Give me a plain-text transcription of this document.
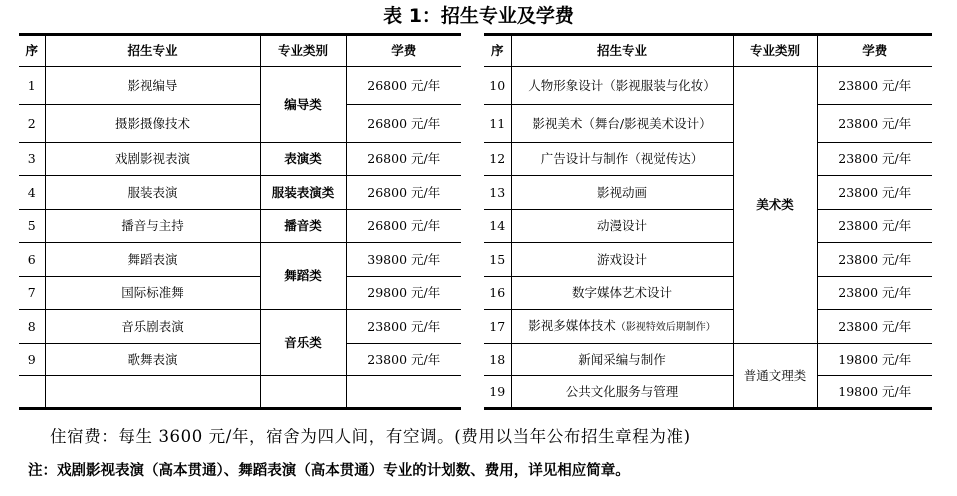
表 1：招生专业及学费
序	招生专业	专业类别	学费
1	影视编导	编导类	26800 元/年
2	摄影摄像技术		26800 元/年
3	戏剧影视表演	表演类	26800 元/年
4	服装表演	服装表演类	26800 元/年
5	播音与主持	播音类	26800 元/年
6	舞蹈表演	舞蹈类	39800 元/年
7	国际标准舞		29800 元/年
8	音乐剧表演	音乐类	23800 元/年
9	歌舞表演		23800 元/年

序	招生专业	专业类别	学费
10	人物形象设计（影视服装与化妆）	美术类	23800 元/年
11	影视美术（舞台/影视美术设计）		23800 元/年
12	广告设计与制作（视觉传达）		23800 元/年
13	影视动画		23800 元/年
14	动漫设计		23800 元/年
15	游戏设计		23800 元/年
16	数字媒体艺术设计		23800 元/年
17	影视多媒体技术（影视特效后期制作）		23800 元/年
18	新闻采编与制作	普通文理类	19800 元/年
19	公共文化服务与管理		19800 元/年
住宿费：每生 3600 元/年，宿舍为四人间，有空调。(费用以当年公布招生章程为准)
注：戏剧影视表演（高本贯通）、舞蹈表演（高本贯通）专业的计划数、费用，详见相应简章。
